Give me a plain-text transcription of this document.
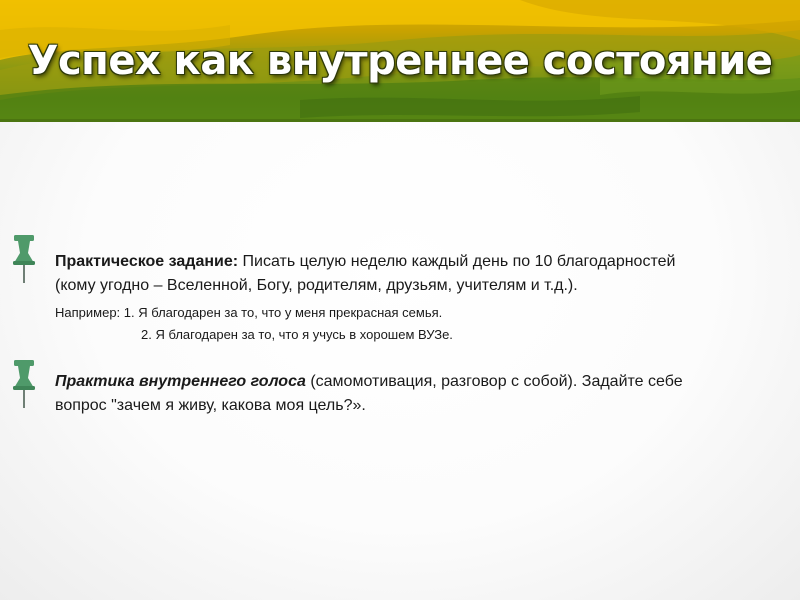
Успех как внутреннее состояние

Практическое задание: Писать целую неделю каждый день по 10 благодарностей
(кому угодно – Вселенной, Богу, родителям, друзьям, учителям и т.д.).

Например: 1. Я благодарен за то, что у меня прекрасная семья.
2. Я благодарен за то, что я учусь в хорошем ВУЗе.

Практика внутреннего голоса (самомотивация, разговор с собой). Задайте себе
вопрос "зачем я живу, какова моя цель?».
